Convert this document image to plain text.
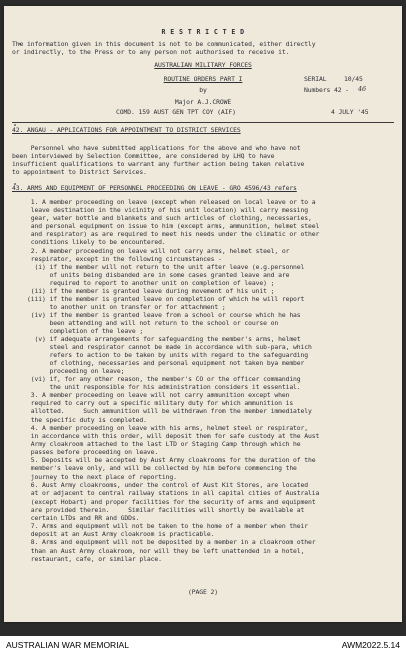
R E S T R I C T E D
The information given in this document is not to be communicated, either directly
or indirectly, to the Press or to any person not authorised to receive it.
AUSTRALIAN MILITARY FORCES
ROUTINE ORDERS PART I	SERIAL	10/45
by	Numbers 42 - 46
Major A.J.CROWE
COMD. 159 AUST GEN TPT COY (AIF)	4 JULY '45
42. ANGAU - APPLICATIONS FOR APPOINTMENT TO DISTRICT SERVICES
Personnel who have submitted applications for the above and who have not
been interviewed by Selection Committee, are considered by LHQ to have
insufficient qualifications to warrant any further action being taken relative
to appointment to District Services.
43. ARMS AND EQUIPMENT OF PERSONNEL PROCEEDING ON LEAVE - GRO 4596/43 refers
1. A member proceeding on leave (except when released on local leave or to a
leave destination in the vicinity of his unit location) will carry messing
gear, water bottle and blankets and such articles of clothing, necessaries,
and personal equipment on issue to him (except arms, ammunition, helmet steel
and respirator) as are required to meet his needs under the climatic or other
conditions likely to be encountered.
2. A member proceeding on leave will not carry arms, helmet steel, or
respirator, except in the following circumstances -
(i) if the member will not return to the unit after leave (e.g.personnel
of units being disbanded are in some cases granted leave and are
required to report to another unit on completion of leave) ;
(ii) if the member is granted leave during movement of his unit ;
(iii) if the member is granted leave on completion of which he will report
to another unit on transfer or for attachment ;
(iv) if the member is granted leave from a school or course which he has
been attending and will not return to the school or course on
completion of the leave ;
(v) if adequate arrangements for safeguarding the member's arms, helmet
steel and respirator cannot be made in accordance with sub-para, which
refers to action to be taken by units with regard to the safeguarding
of clothing, necessaries and personal equipment not taken bya member
proceeding on leave;
(vi) if, for any other reason, the member's CO or the officer commanding
the unit responsible for his administration considers it essential.
3. A member proceeding on leave will not carry ammunition except when
required to carry out a specific military duty for which ammunition is
allotted.     Such ammunition will be withdrawn from the member immediately
the specific duty is completed.
4. A member proceeding on leave with his arms, helmet steel or respirator,
in accordance with this order, will deposit them for safe custody at the Aust
Army cloakroom attached to the last LTD or Staging Camp through which he
passes before proceeding on leave.
5. Deposits will be accepted by Aust Army cloakrooms for the duration of the
member's leave only, and will be collected by him before commencing the
journey to the next place of reporting.
6. Aust Army cloakrooms, under the control of Aust Kit Stores, are located
at or adjacent to central railway stations in all capital cities of Australia
(except Hobart) and proper facilities for the security of arms and equipment
are provided therein.     Similar facilities will shortly be available at
certain LTDs and RR and GDDs.
7. Arms and equipment will not be taken to the home of a member when their
deposit at an Aust Army cloakroom is practicable.
8. Arms and equipment will not be deposited by a member in a cloakroom other
than an Aust Army cloakroom, nor will they be left unattended in a hotel,
restaurant, cafe, or similar place.
(PAGE 2)
AUSTRALIAN WAR MEMORIAL	AWM2022.5.14
